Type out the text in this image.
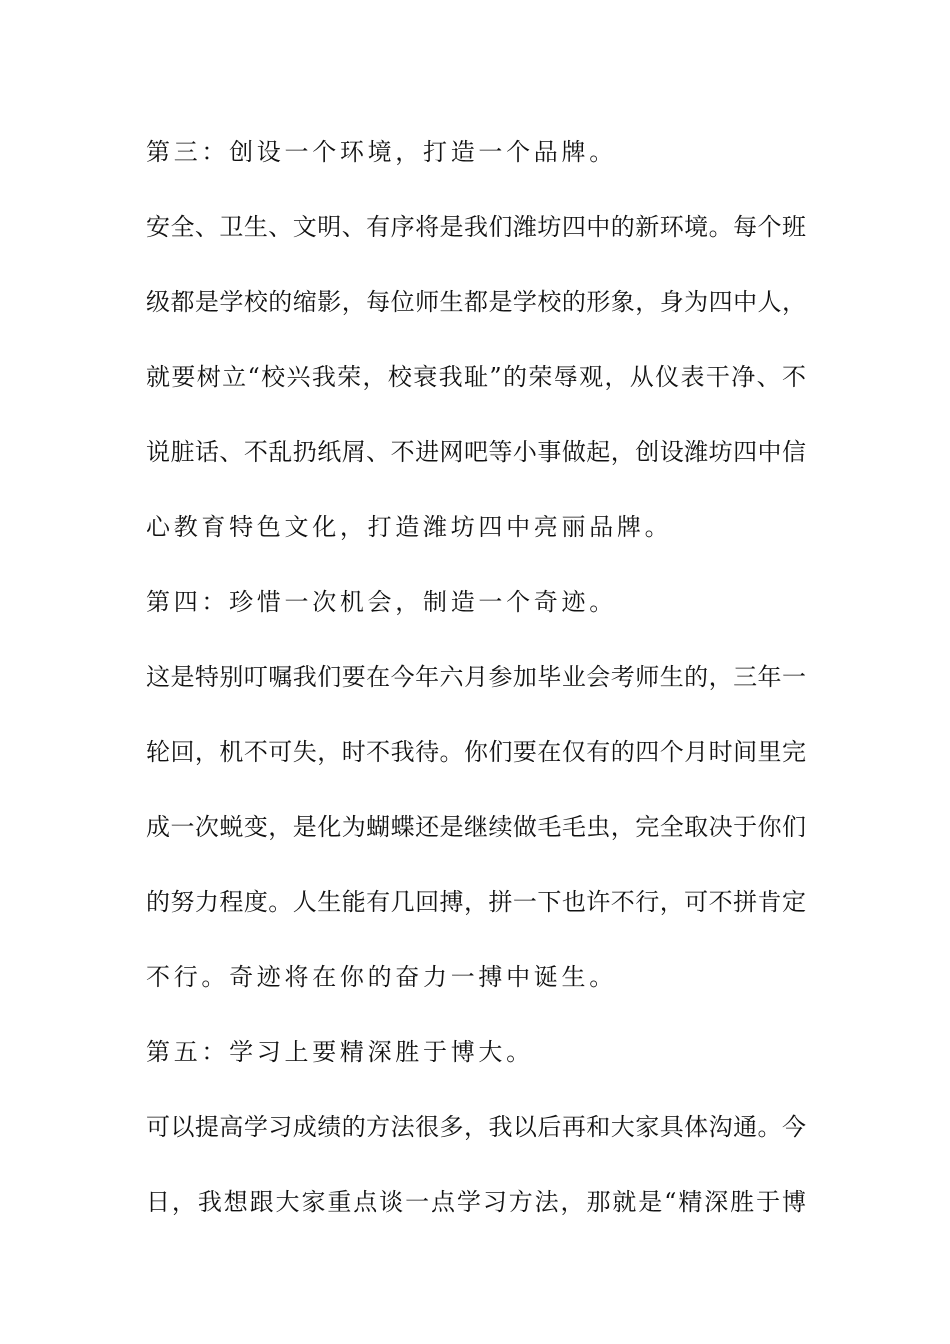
第三：创设一个环境，打造一个品牌。
安全、卫生、文明、有序将是我们潍坊四中的新环境。每个班
级都是学校的缩影，每位师生都是学校的形象，身为四中人，
就要树立“校兴我荣，校衰我耻”的荣辱观，从仪表干净、不
说脏话、不乱扔纸屑、不进网吧等小事做起，创设潍坊四中信
心教育特色文化，打造潍坊四中亮丽品牌。
第四：珍惜一次机会，制造一个奇迹。
这是特别叮嘱我们要在今年六月参加毕业会考师生的，三年一
轮回，机不可失，时不我待。你们要在仅有的四个月时间里完
成一次蜕变，是化为蝴蝶还是继续做毛毛虫，完全取决于你们
的努力程度。人生能有几回搏，拼一下也许不行，可不拼肯定
不行。奇迹将在你的奋力一搏中诞生。
第五：学习上要精深胜于博大。
可以提高学习成绩的方法很多，我以后再和大家具体沟通。今
日，我想跟大家重点谈一点学习方法，那就是“精深胜于博
